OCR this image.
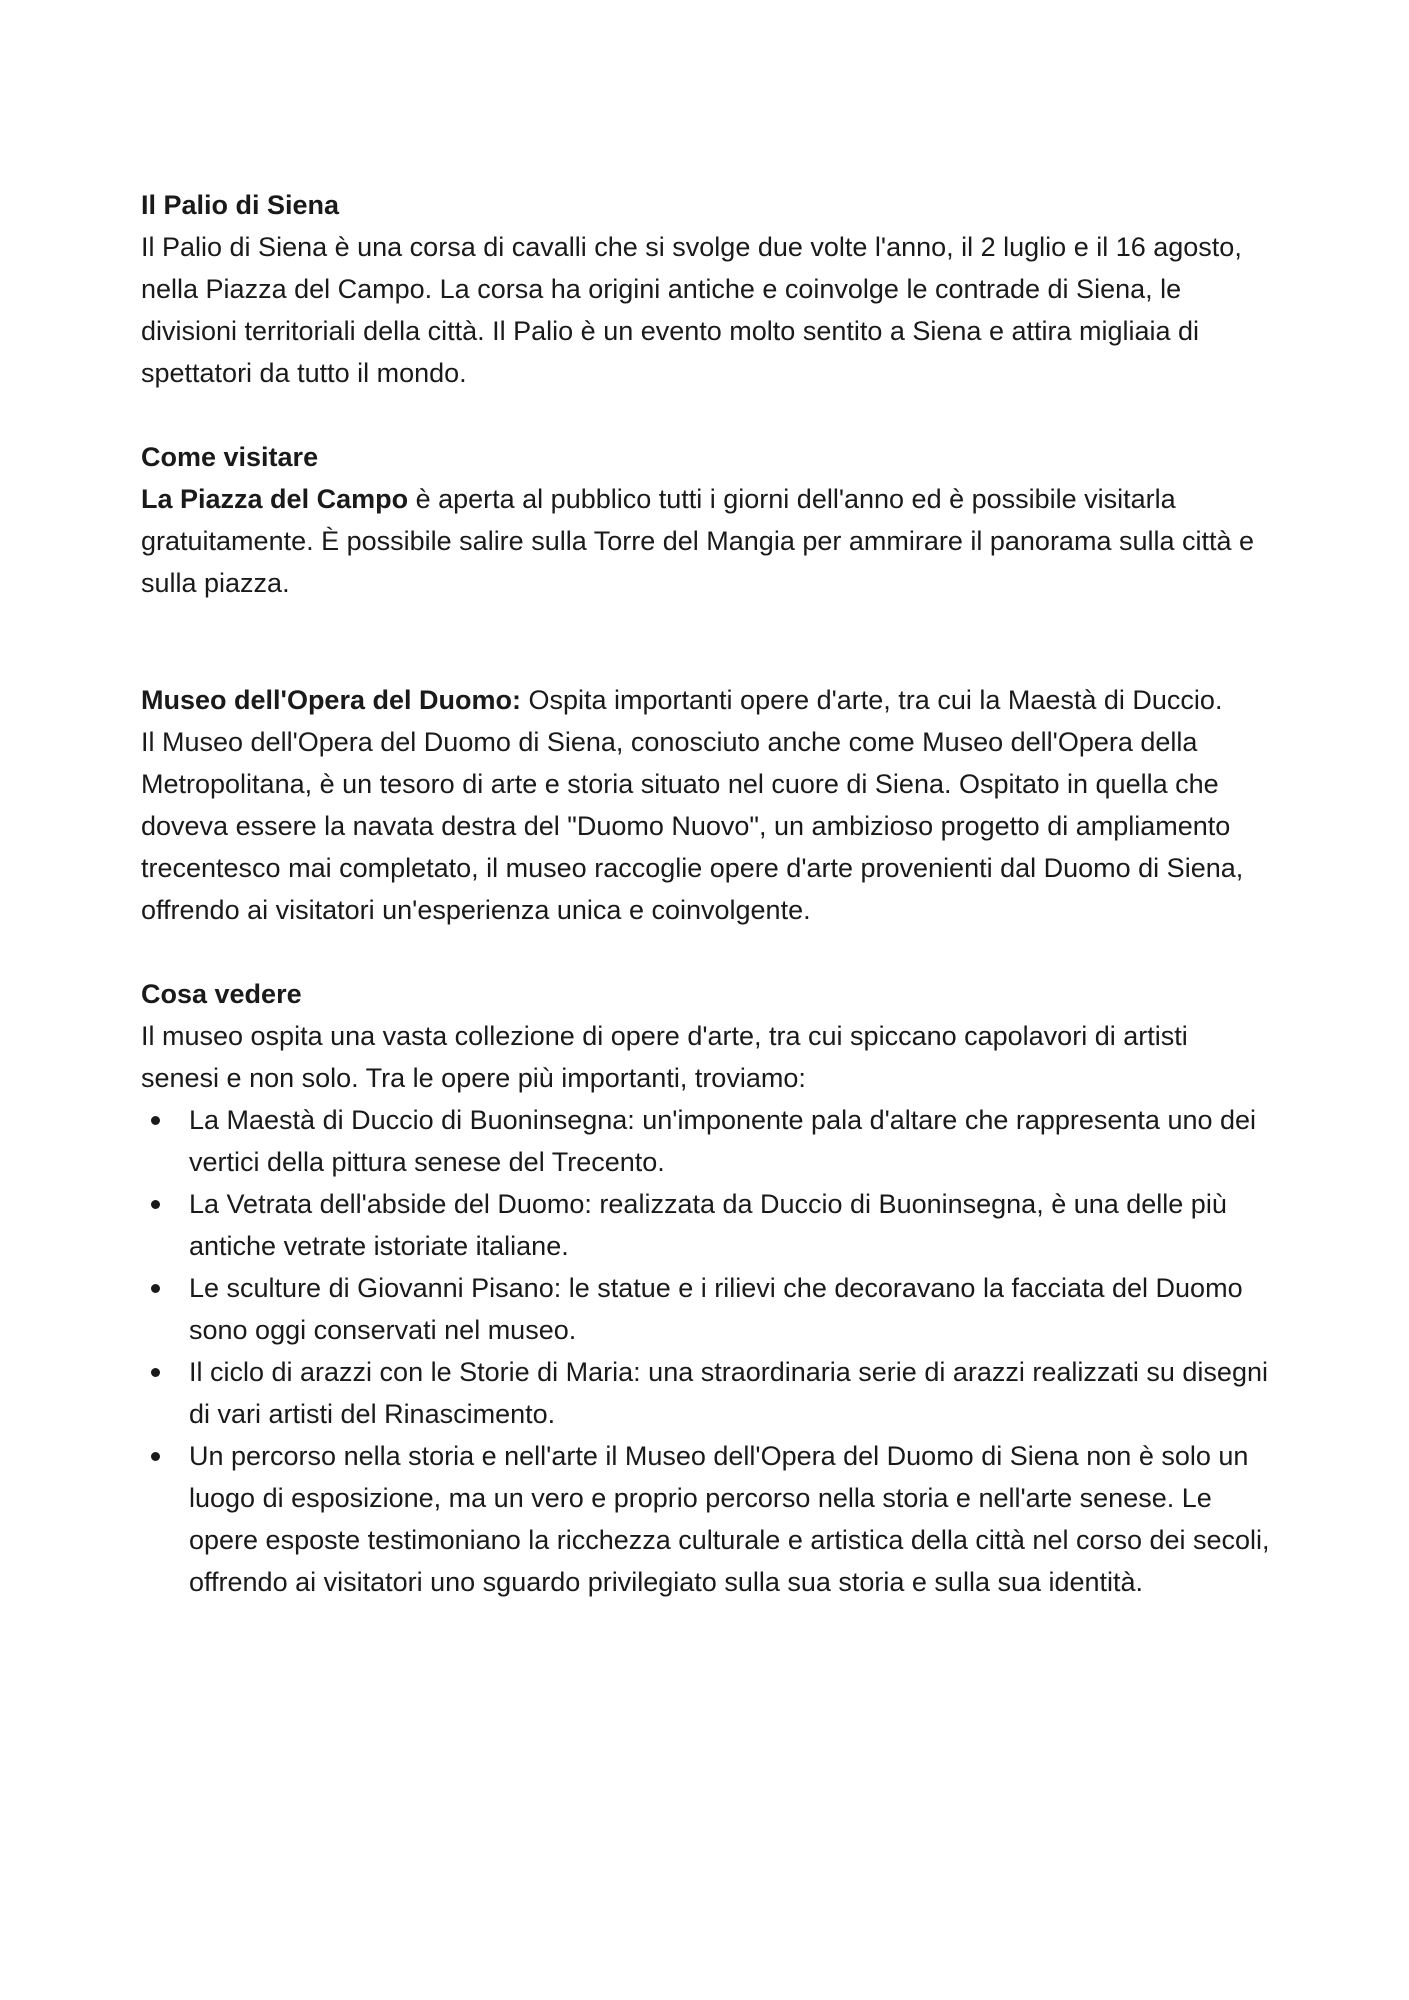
Il Palio di Siena

Il Palio di Siena è una corsa di cavalli che si svolge due volte l'anno, il 2 luglio e il 16 agosto, nella Piazza del Campo. La corsa ha origini antiche e coinvolge le contrade di Siena, le divisioni territoriali della città. Il Palio è un evento molto sentito a Siena e attira migliaia di spettatori da tutto il mondo.

Come visitare

La Piazza del Campo è aperta al pubblico tutti i giorni dell'anno ed è possibile visitarla gratuitamente. È possibile salire sulla Torre del Mangia per ammirare il panorama sulla città e sulla piazza.

Museo dell'Opera del Duomo: Ospita importanti opere d'arte, tra cui la Maestà di Duccio.

Il Museo dell'Opera del Duomo di Siena, conosciuto anche come Museo dell'Opera della Metropolitana, è un tesoro di arte e storia situato nel cuore di Siena. Ospitato in quella che doveva essere la navata destra del "Duomo Nuovo", un ambizioso progetto di ampliamento trecentesco mai completato, il museo raccoglie opere d'arte provenienti dal Duomo di Siena, offrendo ai visitatori un'esperienza unica e coinvolgente.

Cosa vedere

Il museo ospita una vasta collezione di opere d'arte, tra cui spiccano capolavori di artisti senesi e non solo. Tra le opere più importanti, troviamo:

La Maestà di Duccio di Buoninsegna: un'imponente pala d'altare che rappresenta uno dei vertici della pittura senese del Trecento.
La Vetrata dell'abside del Duomo: realizzata da Duccio di Buoninsegna, è una delle più antiche vetrate istoriate italiane.
Le sculture di Giovanni Pisano: le statue e i rilievi che decoravano la facciata del Duomo sono oggi conservati nel museo.
Il ciclo di arazzi con le Storie di Maria: una straordinaria serie di arazzi realizzati su disegni di vari artisti del Rinascimento.
Un percorso nella storia e nell'arte il Museo dell'Opera del Duomo di Siena non è solo un luogo di esposizione, ma un vero e proprio percorso nella storia e nell'arte senese. Le opere esposte testimoniano la ricchezza culturale e artistica della città nel corso dei secoli, offrendo ai visitatori uno sguardo privilegiato sulla sua storia e sulla sua identità.
